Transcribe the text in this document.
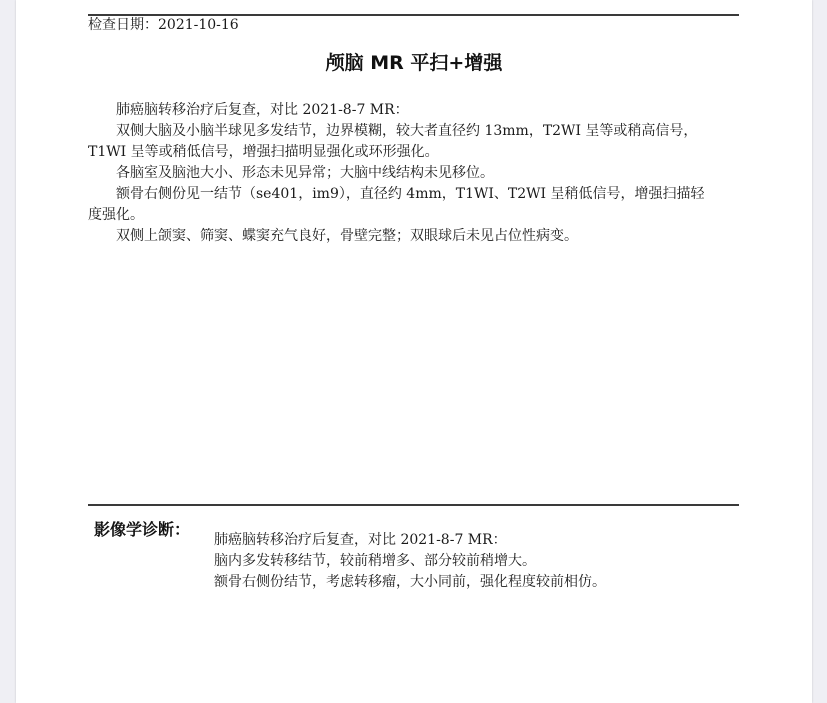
检查日期：2021-10-16
颅脑 MR 平扫+增强

肺癌脑转移治疗后复查，对比 2021-8-7 MR：

双侧大脑及小脑半球见多发结节，边界模糊，较大者直径约 13mm，T2WI 呈等或稍高信号，T1WI 呈等或稍低信号，增强扫描明显强化或环形强化。

各脑室及脑池大小、形态未见异常；大脑中线结构未见移位。

额骨右侧份见一结节（se401，im9），直径约 4mm，T1WI、T2WI 呈稍低信号，增强扫描轻度强化。

双侧上颌窦、筛窦、蝶窦充气良好，骨壁完整；双眼球后未见占位性病变。

影像学诊断：

肺癌脑转移治疗后复查，对比 2021-8-7 MR：

脑内多发转移结节，较前稍增多、部分较前稍增大。

额骨右侧份结节，考虑转移瘤，大小同前，强化程度较前相仿。
